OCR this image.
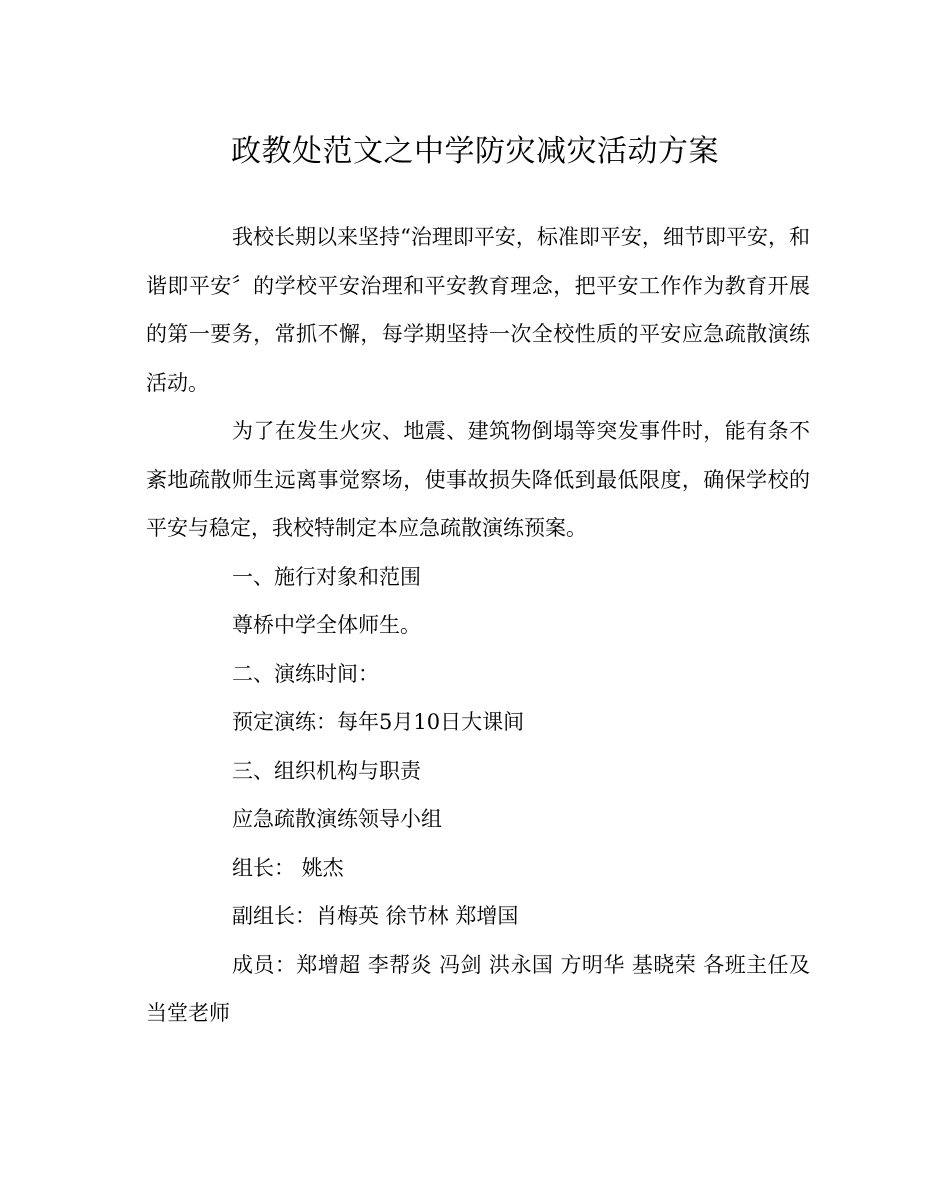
政教处范文之中学防灾减灾活动方案

我校长期以来坚持“治理即平安，标准即平安，细节即平安，和谐即平安〞的学校平安治理和平安教育理念，把平安工作作为教育开展的第一要务，常抓不懈，每学期坚持一次全校性质的平安应急疏散演练活动。

为了在发生火灾、地震、建筑物倒塌等突发事件时，能有条不紊地疏散师生远离事觉察场，使事故损失降低到最低限度，确保学校的平安与稳定，我校特制定本应急疏散演练预案。

一、施行对象和范围

尊桥中学全体师生。

二、演练时间：

预定演练：每年5月10日大课间

三、组织机构与职责

应急疏散演练领导小组

组长： 姚杰

副组长：肖梅英 徐节林 郑增国

成员：郑增超 李帮炎 冯剑 洪永国 方明华 基晓荣 各班主任及当堂老师
